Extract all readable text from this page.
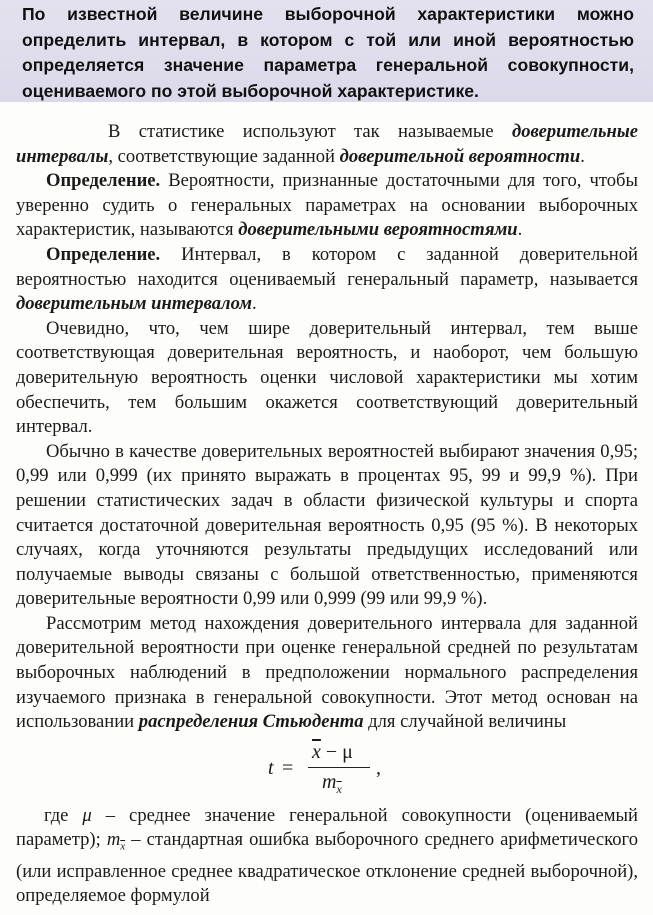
По известной величине выборочной характеристики можно определить интервал, в котором с той или иной вероятностью определяется значение параметра генеральной совокупности, оцениваемого по этой выборочной характеристике.

В статистике используют так называемые доверительные интервалы, соответствующие заданной доверительной вероятности.

Определение. Вероятности, признанные достаточными для того, чтобы уверенно судить о генеральных параметрах на основании выборочных характеристик, называются доверительными вероятностями.

Определение. Интервал, в котором с заданной доверительной вероятностью находится оцениваемый генеральный параметр, называется доверительным интервалом.

Очевидно, что, чем шире доверительный интервал, тем выше соответствующая доверительная вероятность, и наоборот, чем большую доверительную вероятность оценки числовой характеристики мы хотим обеспечить, тем большим окажется соответствующий доверительный интервал.

Обычно в качестве доверительных вероятностей выбирают значения 0,95; 0,99 или 0,999 (их принято выражать в процентах 95, 99 и 99,9 %). При решении статистических задач в области физической культуры и спорта считается достаточной доверительная вероятность 0,95 (95 %). В некоторых случаях, когда уточняются результаты предыдущих исследований или получаемые выводы связаны с большой ответственностью, применяются доверительные вероятности 0,99 или 0,999 (99 или 99,9 %).

Рассмотрим метод нахождения доверительного интервала для заданной доверительной вероятности при оценке генеральной средней по результатам выборочных наблюдений в предположении нормального распределения изучаемого признака в генеральной совокупности. Этот метод основан на использовании распределения Стьюдента для случайной величины

t =
$\overline{x} - \mu$
$m_{\overline{x}}$
,

где μ – среднее значение генеральной совокупности (оцениваемый параметр); $m_{\overline{x}}$ – стандартная ошибка выборочного среднего арифметического (или исправленное среднее квадратическое отклонение средней выборочной), определяемое формулой
